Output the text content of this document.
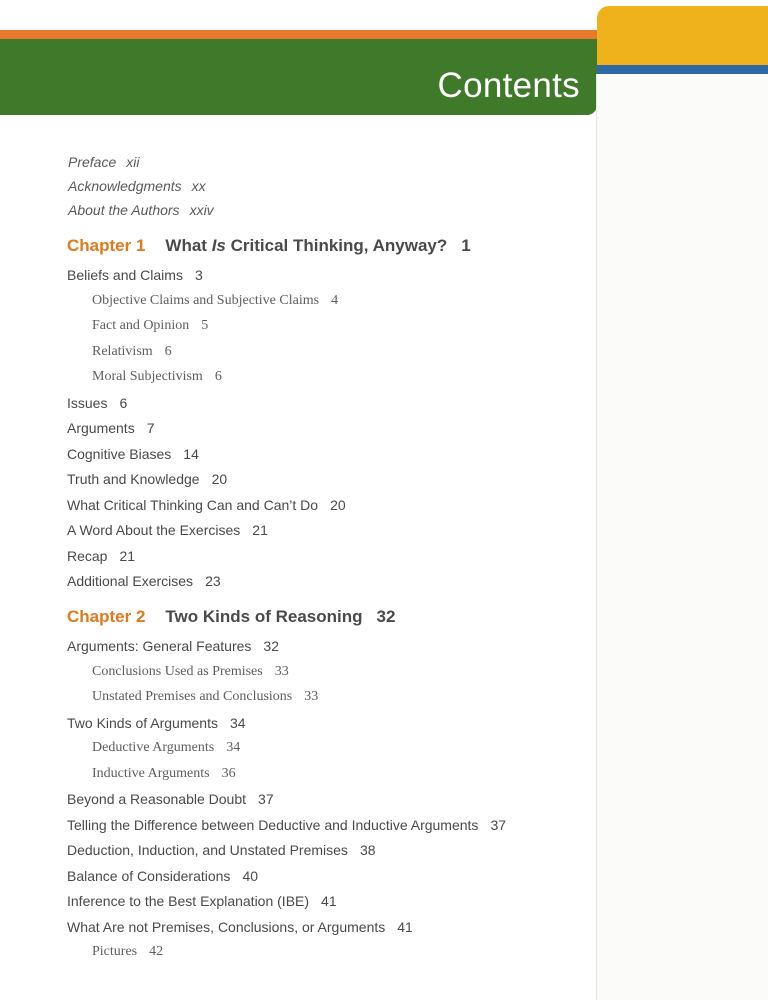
Contents
Preface xii
Acknowledgments xx
About the Authors xxiv
Chapter 1 What Is Critical Thinking, Anyway? 1
Beliefs and Claims 3
Objective Claims and Subjective Claims 4
Fact and Opinion 5
Relativism 6
Moral Subjectivism 6
Issues 6
Arguments 7
Cognitive Biases 14
Truth and Knowledge 20
What Critical Thinking Can and Can’t Do 20
A Word About the Exercises 21
Recap 21
Additional Exercises 23
Chapter 2 Two Kinds of Reasoning 32
Arguments: General Features 32
Conclusions Used as Premises 33
Unstated Premises and Conclusions 33
Two Kinds of Arguments 34
Deductive Arguments 34
Inductive Arguments 36
Beyond a Reasonable Doubt 37
Telling the Difference between Deductive and Inductive Arguments 37
Deduction, Induction, and Unstated Premises 38
Balance of Considerations 40
Inference to the Best Explanation (IBE) 41
What Are not Premises, Conclusions, or Arguments 41
Pictures 42
